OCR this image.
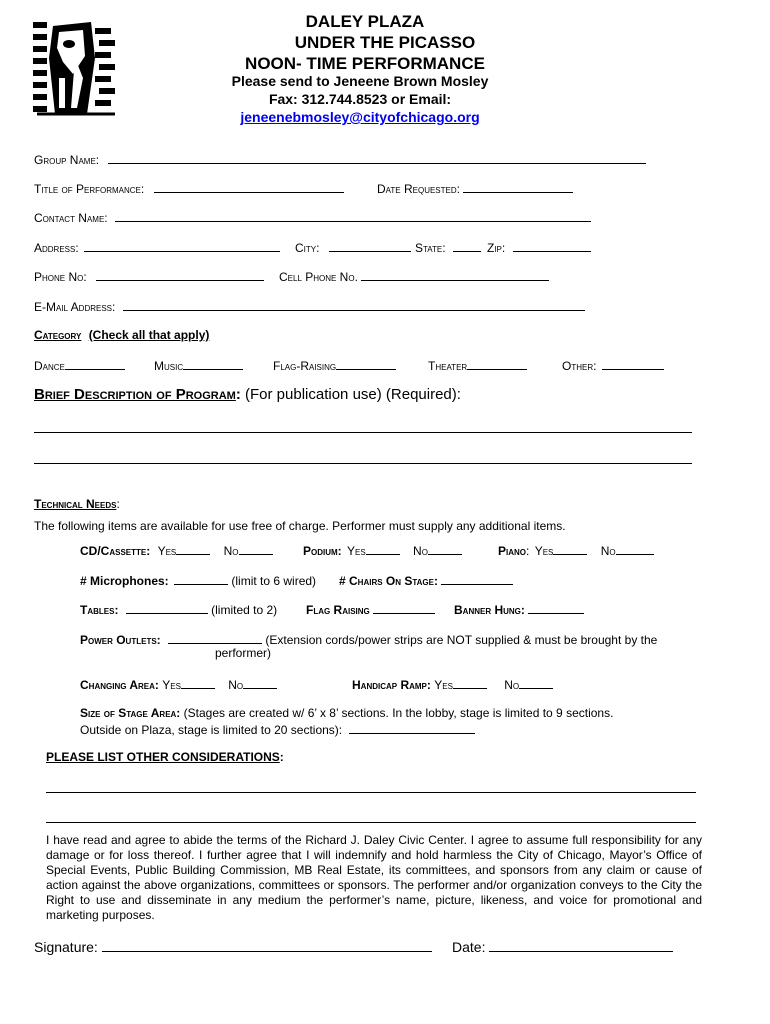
DALEY PLAZA
UNDER THE PICASSO
NOON- TIME PERFORMANCE
Please send to Jeneene Brown Mosley
Fax: 312.744.8523 or Email:
jeneenebmosley@cityofchicago.org
Group Name:
Title of Performance:	Date Requested:
Contact Name:
Address:	City:	State:	Zip:
Phone No:	Cell Phone No.
E-Mail Address:
Category (Check all that apply)
Dance	Music	Flag-Raising	Theater	Other:
Brief Description of Program: (For publication use) (Required):
Technical Needs:
The following items are available for use free of charge. Performer must supply any additional items.
CD/Cassette: Yes	No	Podium: Yes	No	Piano: Yes	No
# Microphones:	(limit to 6 wired) # Chairs On Stage:
Tables:	(limited to 2) Flag Raising	Banner Hung:
Power Outlets:	(Extension cords/power strips are NOT supplied & must be brought by the
performer)
Changing Area: Yes	No	Handicap Ramp: Yes	No
Size of Stage Area: (Stages are created w/ 6’ x 8’ sections. In the lobby, stage is limited to 9 sections.
Outside on Plaza, stage is limited to 20 sections):
PLEASE LIST OTHER CONSIDERATIONS:
I have read and agree to abide the terms of the Richard J. Daley Civic Center. I agree to assume full responsibility for any damage or for loss thereof. I further agree that I will indemnify and hold harmless the City of Chicago, Mayor’s Office of Special Events, Public Building Commission, MB Real Estate, its committees, and sponsors from any claim or cause of action against the above organizations, committees or sponsors. The performer and/or organization conveys to the City the Right to use and disseminate in any medium the performer’s name, picture, likeness, and voice for promotional and marketing purposes.
Signature:	Date:
